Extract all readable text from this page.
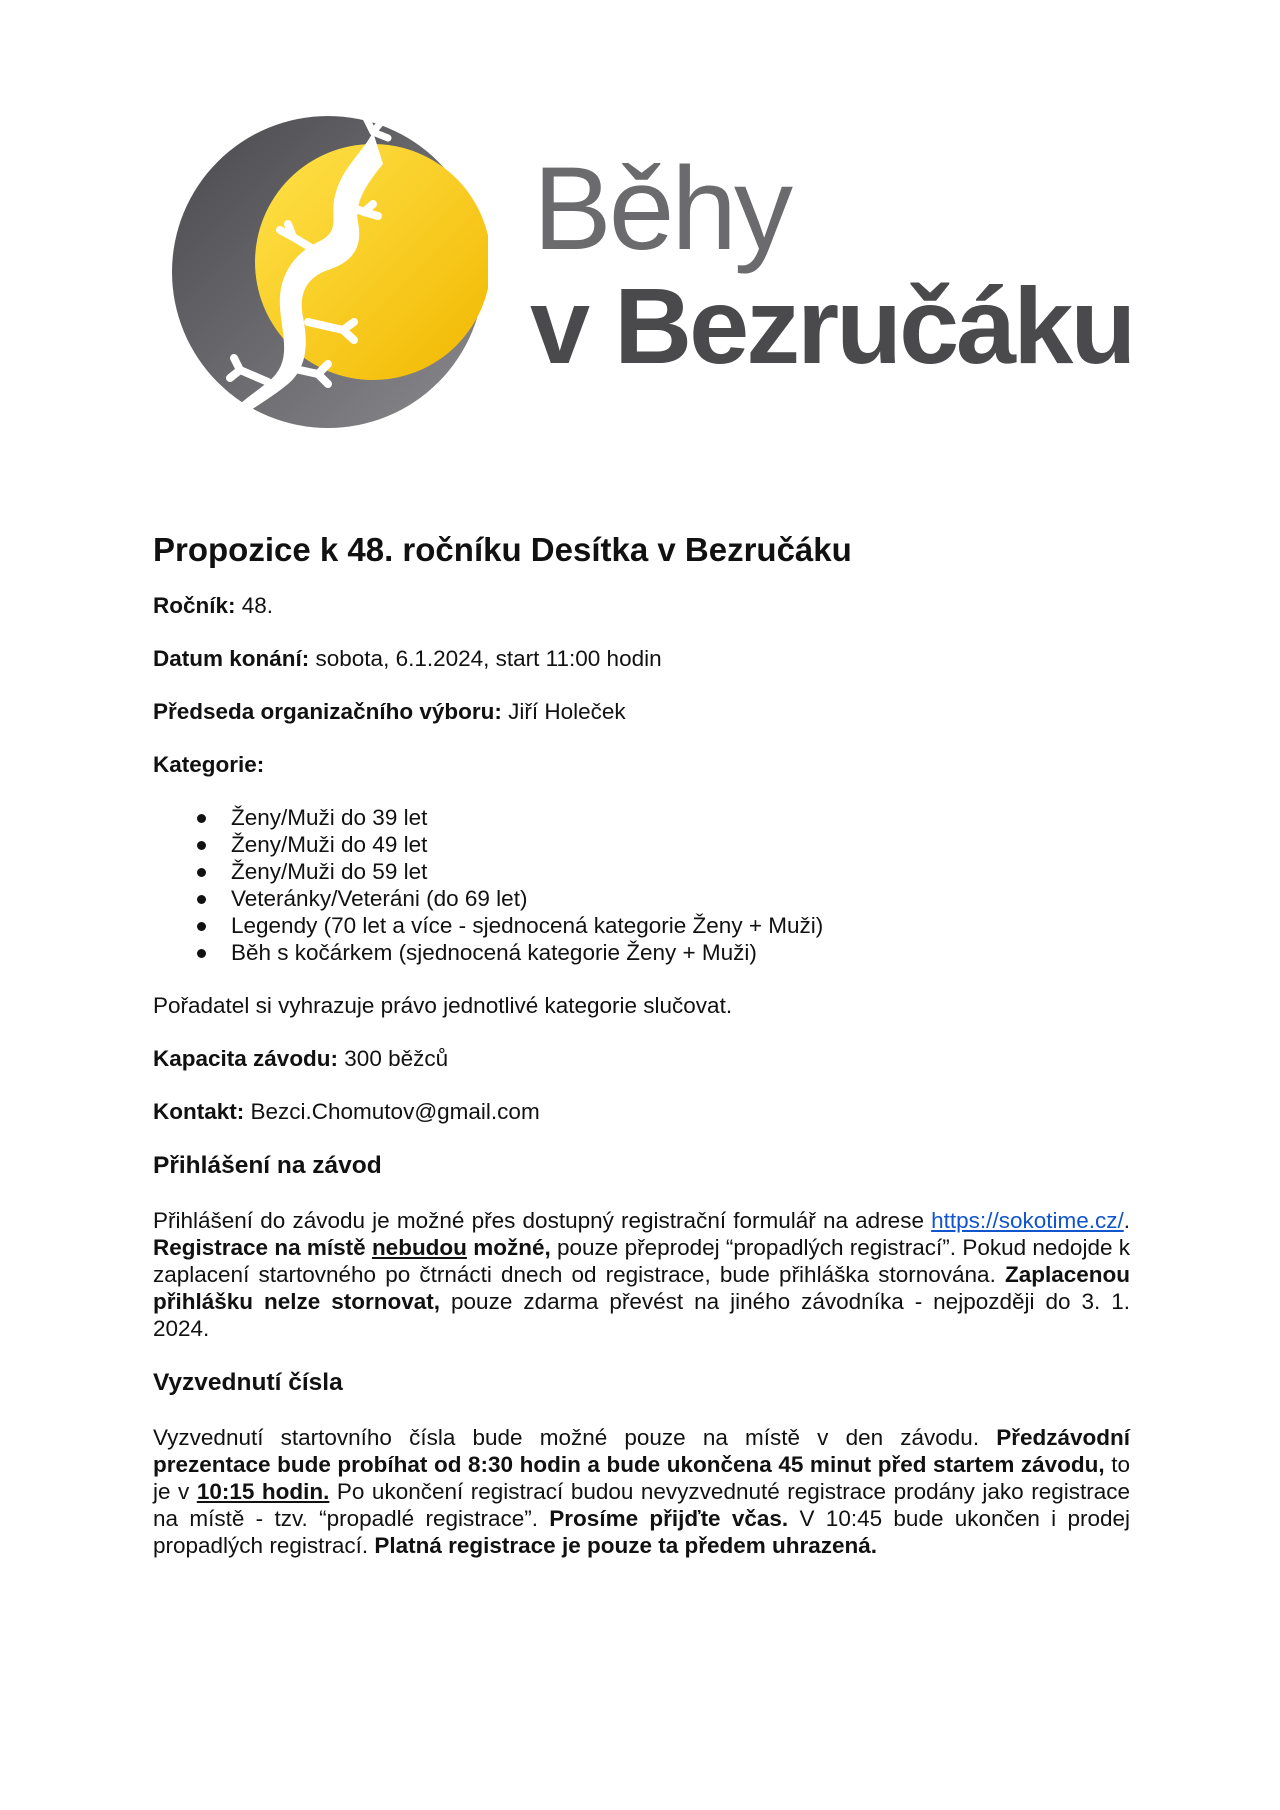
Běhy
v Bezručáku
Propozice k 48. ročníku Desítka v Bezručáku

Ročník: 48.

Datum konání: sobota, 6.1.2024, start 11:00 hodin

Předseda organizačního výboru: Jiří Holeček

Kategorie:

Ženy/Muži do 39 let
Ženy/Muži do 49 let
Ženy/Muži do 59 let
Veteránky/Veteráni (do 69 let)
Legendy (70 let a více - sjednocená kategorie Ženy + Muži)
Běh s kočárkem (sjednocená kategorie Ženy + Muži)

Pořadatel si vyhrazuje právo jednotlivé kategorie slučovat.

Kapacita závodu: 300 běžců

Kontakt: Bezci.Chomutov@gmail.com

Přihlášení na závod

Přihlášení do závodu je možné přes dostupný registrační formulář na adrese https://sokotime.cz/. Registrace na místě nebudou možné, pouze přeprodej “propadlých registrací”. Pokud nedojde k zaplacení startovného po čtrnácti dnech od registrace, bude přihláška stornována. Zaplacenou přihlášku nelze stornovat, pouze zdarma převést na jiného závodníka - nejpozději do 3. 1. 2024.

Vyzvednutí čísla

Vyzvednutí startovního čísla bude možné pouze na místě v den závodu. Předzávodní prezentace bude probíhat od 8:30 hodin a bude ukončena 45 minut před startem závodu, to je v 10:15 hodin. Po ukončení registrací budou nevyzvednuté registrace prodány jako registrace na místě - tzv. “propadlé registrace”. Prosíme přijďte včas. V 10:45 bude ukončen i prodej propadlých registrací. Platná registrace je pouze ta předem uhrazená.
